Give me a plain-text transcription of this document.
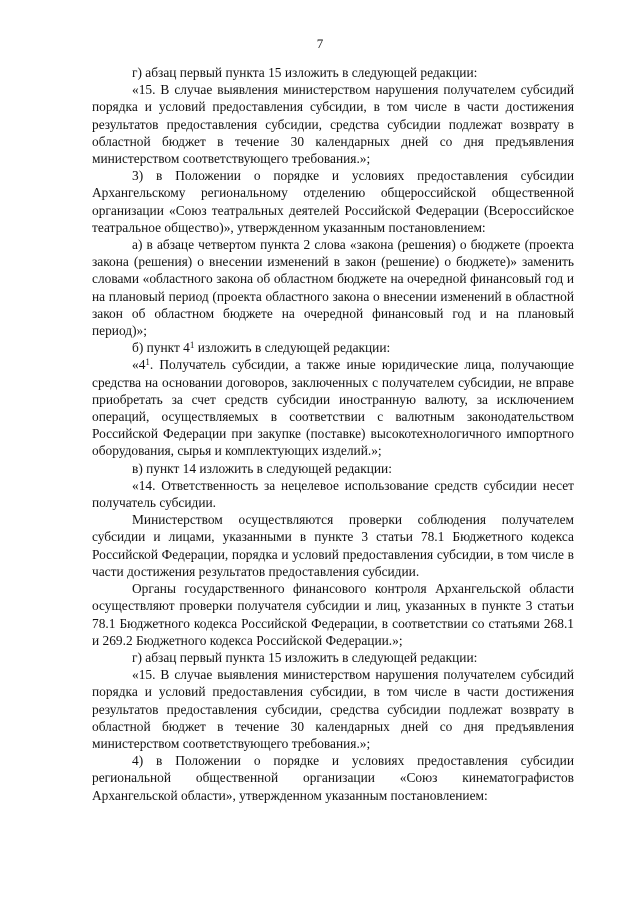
7

г) абзац первый пункта 15 изложить в следующей редакции:

«15. В случае выявления министерством нарушения получателем субсидий порядка и условий предоставления субсидии, в том числе в части достижения результатов предоставления субсидии, средства субсидии подлежат возврату в областной бюджет в течение 30 календарных дней со дня предъявления министерством соответствующего требования.»;

3) в Положении о порядке и условиях предоставления субсидии Архангельскому региональному отделению общероссийской общественной организации «Союз театральных деятелей Российской Федерации (Всероссийское театральное общество)», утвержденном указанным постановлением:

а) в абзаце четвертом пункта 2 слова «закона (решения) о бюджете (проекта закона (решения) о внесении изменений в закон (решение) о бюджете)» заменить словами «областного закона об областном бюджете на очередной финансовый год и на плановый период (проекта областного закона о внесении изменений в областной закон об областном бюджете на очередной финансовый год и на плановый период)»;

б) пункт $4^1$ изложить в следующей редакции:

«$4^1$. Получатель субсидии, а также иные юридические лица, получающие средства на основании договоров, заключенных с получателем субсидии, не вправе приобретать за счет средств субсидии иностранную валюту, за исключением операций, осуществляемых в соответствии с валютным законодательством Российской Федерации при закупке (поставке) высокотехнологичного импортного оборудования, сырья и комплектующих изделий.»;

в) пункт 14 изложить в следующей редакции:

«14. Ответственность за нецелевое использование средств субсидии несет получатель субсидии.

Министерством осуществляются проверки соблюдения получателем субсидии и лицами, указанными в пункте 3 статьи 78.1 Бюджетного кодекса Российской Федерации, порядка и условий предоставления субсидии, в том числе в части достижения результатов предоставления субсидии.

Органы государственного финансового контроля Архангельской области осуществляют проверки получателя субсидии и лиц, указанных в пункте 3 статьи 78.1 Бюджетного кодекса Российской Федерации, в соответствии со статьями 268.1 и 269.2 Бюджетного кодекса Российской Федерации.»;

г) абзац первый пункта 15 изложить в следующей редакции:

«15. В случае выявления министерством нарушения получателем субсидий порядка и условий предоставления субсидии, в том числе в части достижения результатов предоставления субсидии, средства субсидии подлежат возврату в областной бюджет в течение 30 календарных дней со дня предъявления министерством соответствующего требования.»;

4) в Положении о порядке и условиях предоставления субсидии региональной общественной организации «Союз кинематографистов Архангельской области», утвержденном указанным постановлением:
